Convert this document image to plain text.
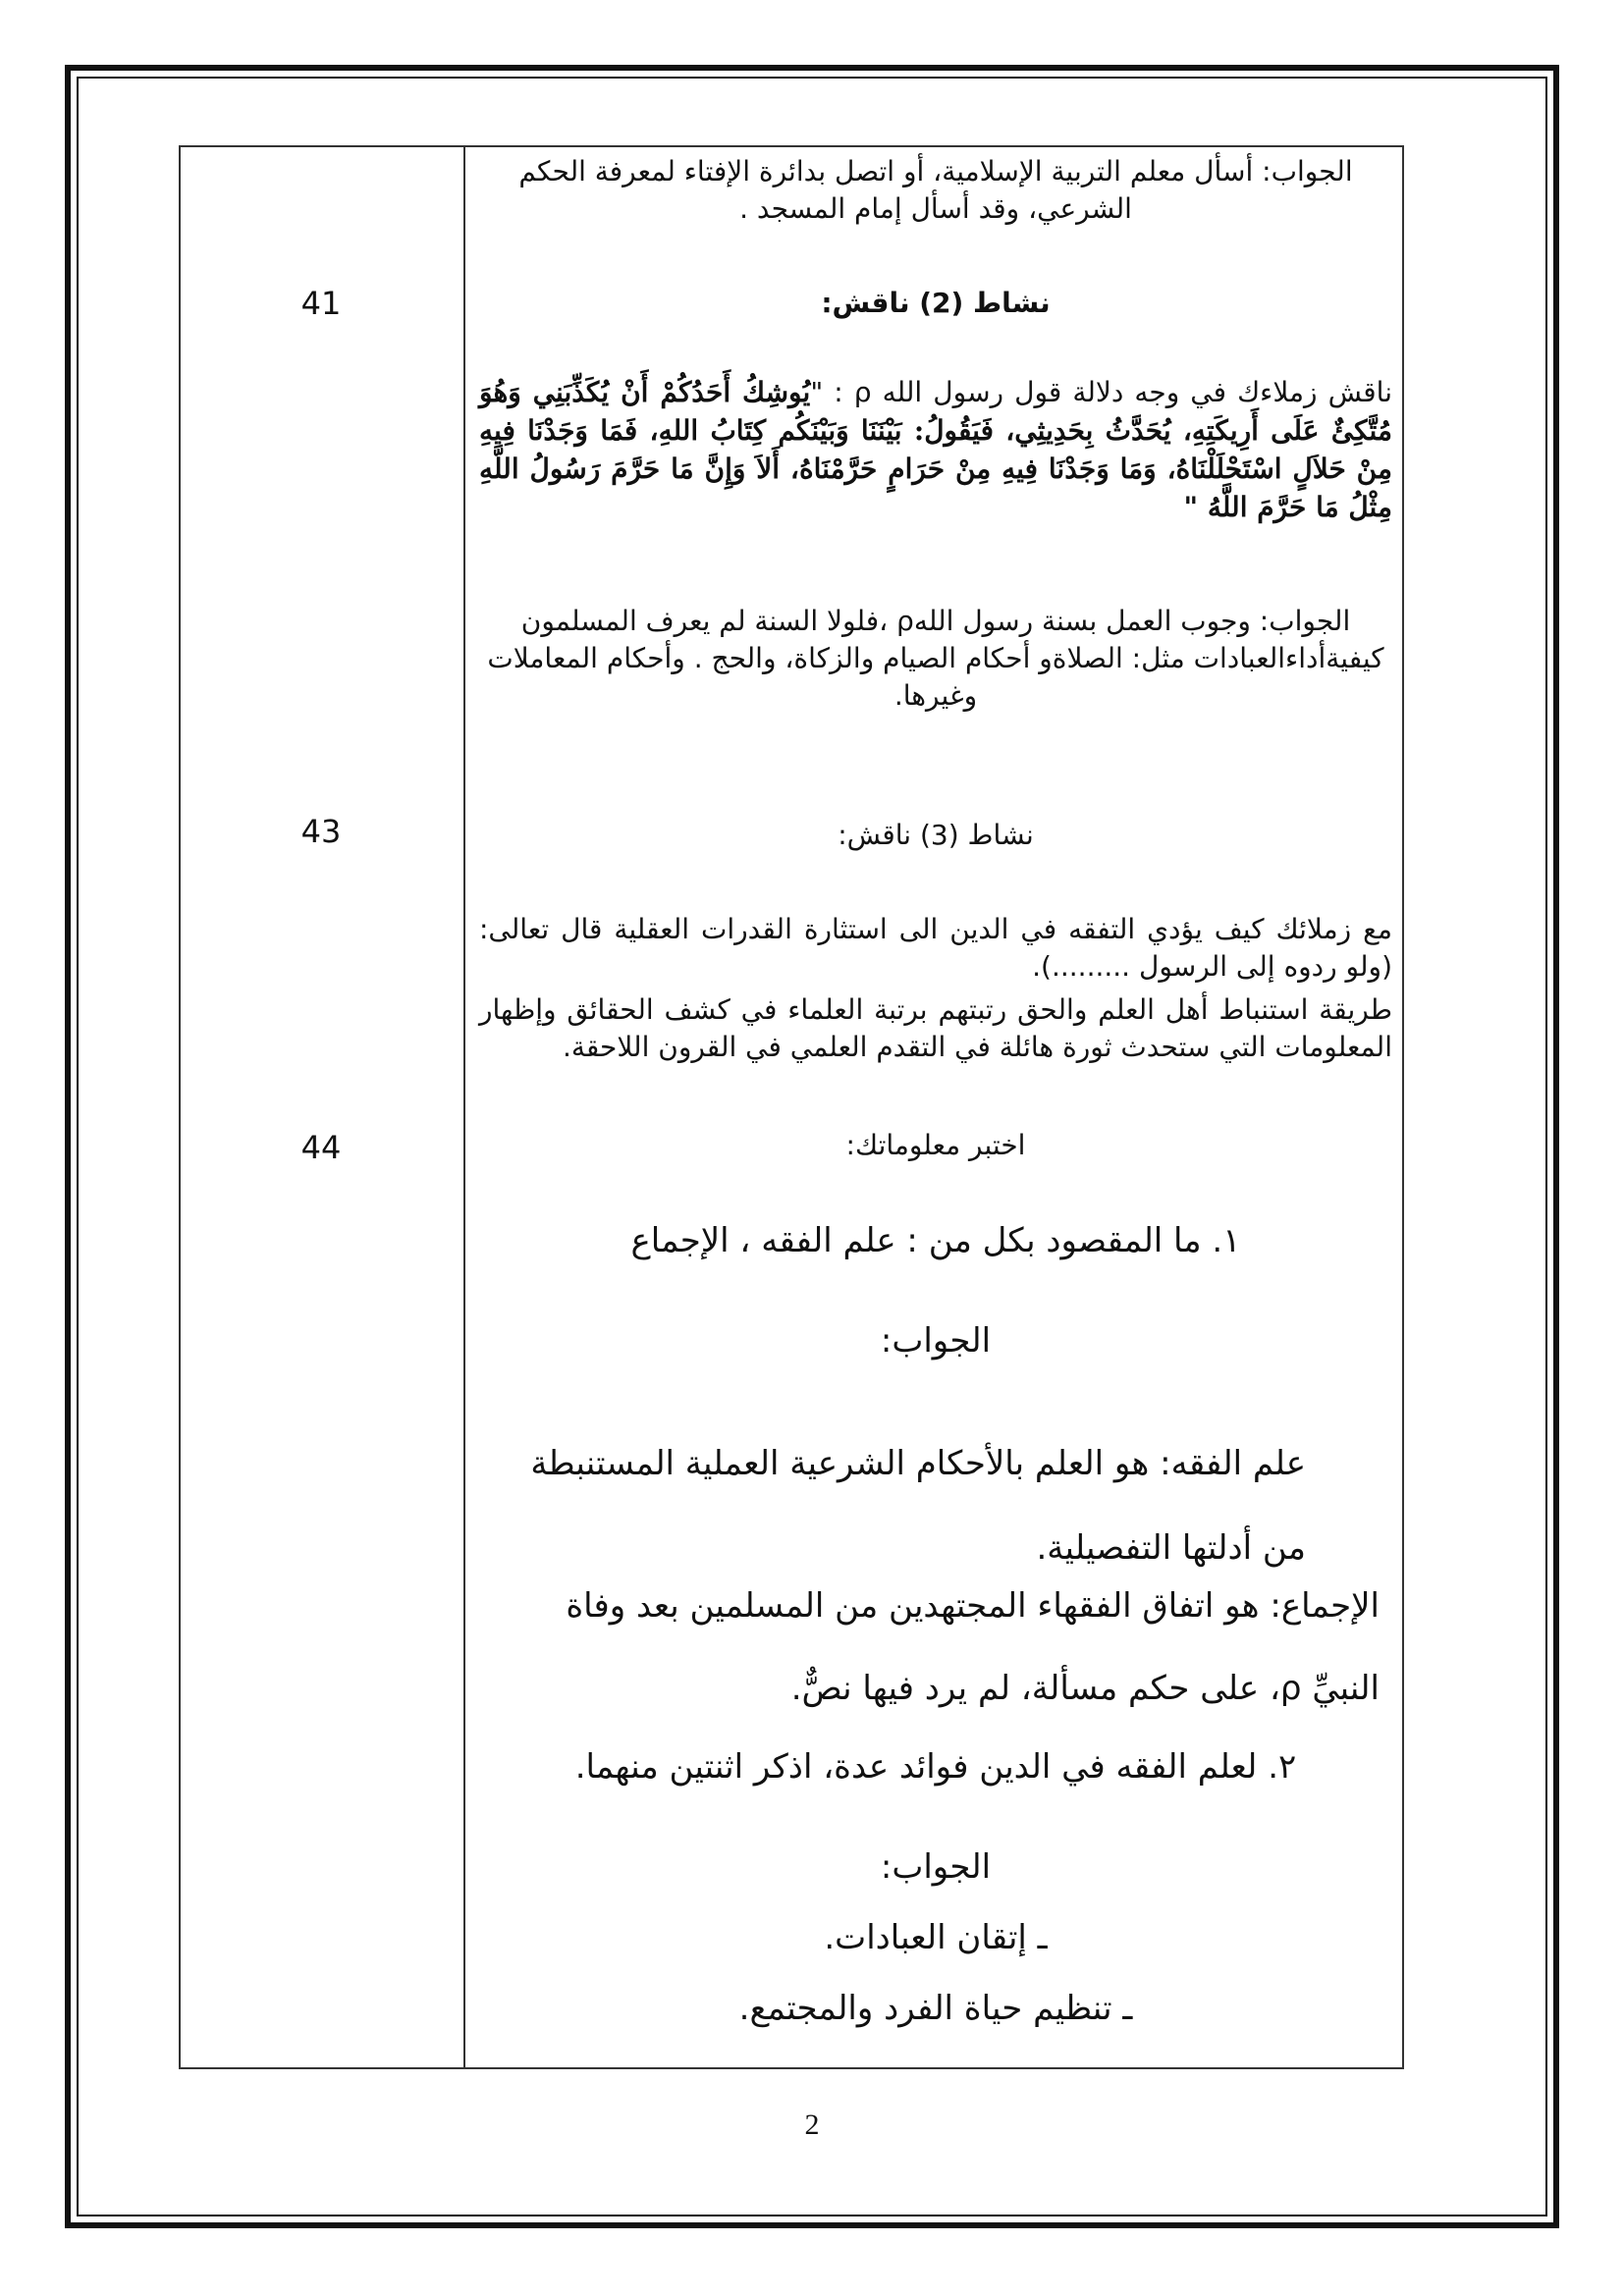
41
43
44
الجواب: أسأل معلم التربية الإسلامية، أو اتصل بدائرة الإفتاء لمعرفة الحكم الشرعي، وقد أسأل إمام المسجد .
نشاط (2) ناقش:
ناقش زملاءك في وجه دلالة قول رسول الله ρ : "يُوشِكُ أَحَدُكُمْ أَنْ يُكَذِّبَنِي وَهُوَ مُتَّكِئٌ عَلَى أَرِيكَتِهِ، يُحَدَّثُ بِحَدِيثِي، فَيَقُولُ: بَيْنَنَا وَبَيْنَكُم كِتَابُ اللهِ، فَمَا وَجَدْنَا فِيهِ مِنْ حَلاَلٍ اسْتَحْلَلْنَاهُ، وَمَا وَجَدْنَا فِيهِ مِنْ حَرَامٍ حَرَّمْنَاهُ، أَلاَ وَإِنَّ مَا حَرَّمَ رَسُولُ اللَّهِ مِثْلُ مَا حَرَّمَ اللَّهُ "
الجواب: وجوب العمل بسنة رسول اللهρ ،فلولا السنة لم يعرف المسلمون كيفيةأداءالعبادات مثل: الصلاةو أحكام الصيام والزكاة، والحج . وأحكام المعاملات وغيرها.
نشاط (3) ناقش:
مع زملائك كيف يؤدي التفقه في الدين الى استثارة القدرات العقلية قال تعالى:(ولو ردوه إلى الرسول .........).
طريقة استنباط أهل العلم والحق رتبتهم برتبة العلماء في كشف الحقائق وإظهار المعلومات التي ستحدث ثورة هائلة في التقدم العلمي في القرون اللاحقة.
اختبر معلوماتك:
١. ما المقصود بكل من : علم الفقه ، الإجماع
الجواب:
علم الفقه: هو العلم بالأحكام الشرعية العملية المستنبطة من أدلتها التفصيلية.
الإجماع: هو اتفاق الفقهاء المجتهدين من المسلمين بعد وفاة النبيِّ ρ، على حكم مسألة، لم يرد فيها نصٌّ.
٢. لعلم الفقه في الدين فوائد عدة، اذكر اثنتين منهما.
الجواب:
ـ إتقان العبادات.
ـ تنظيم حياة الفرد والمجتمع.
2
